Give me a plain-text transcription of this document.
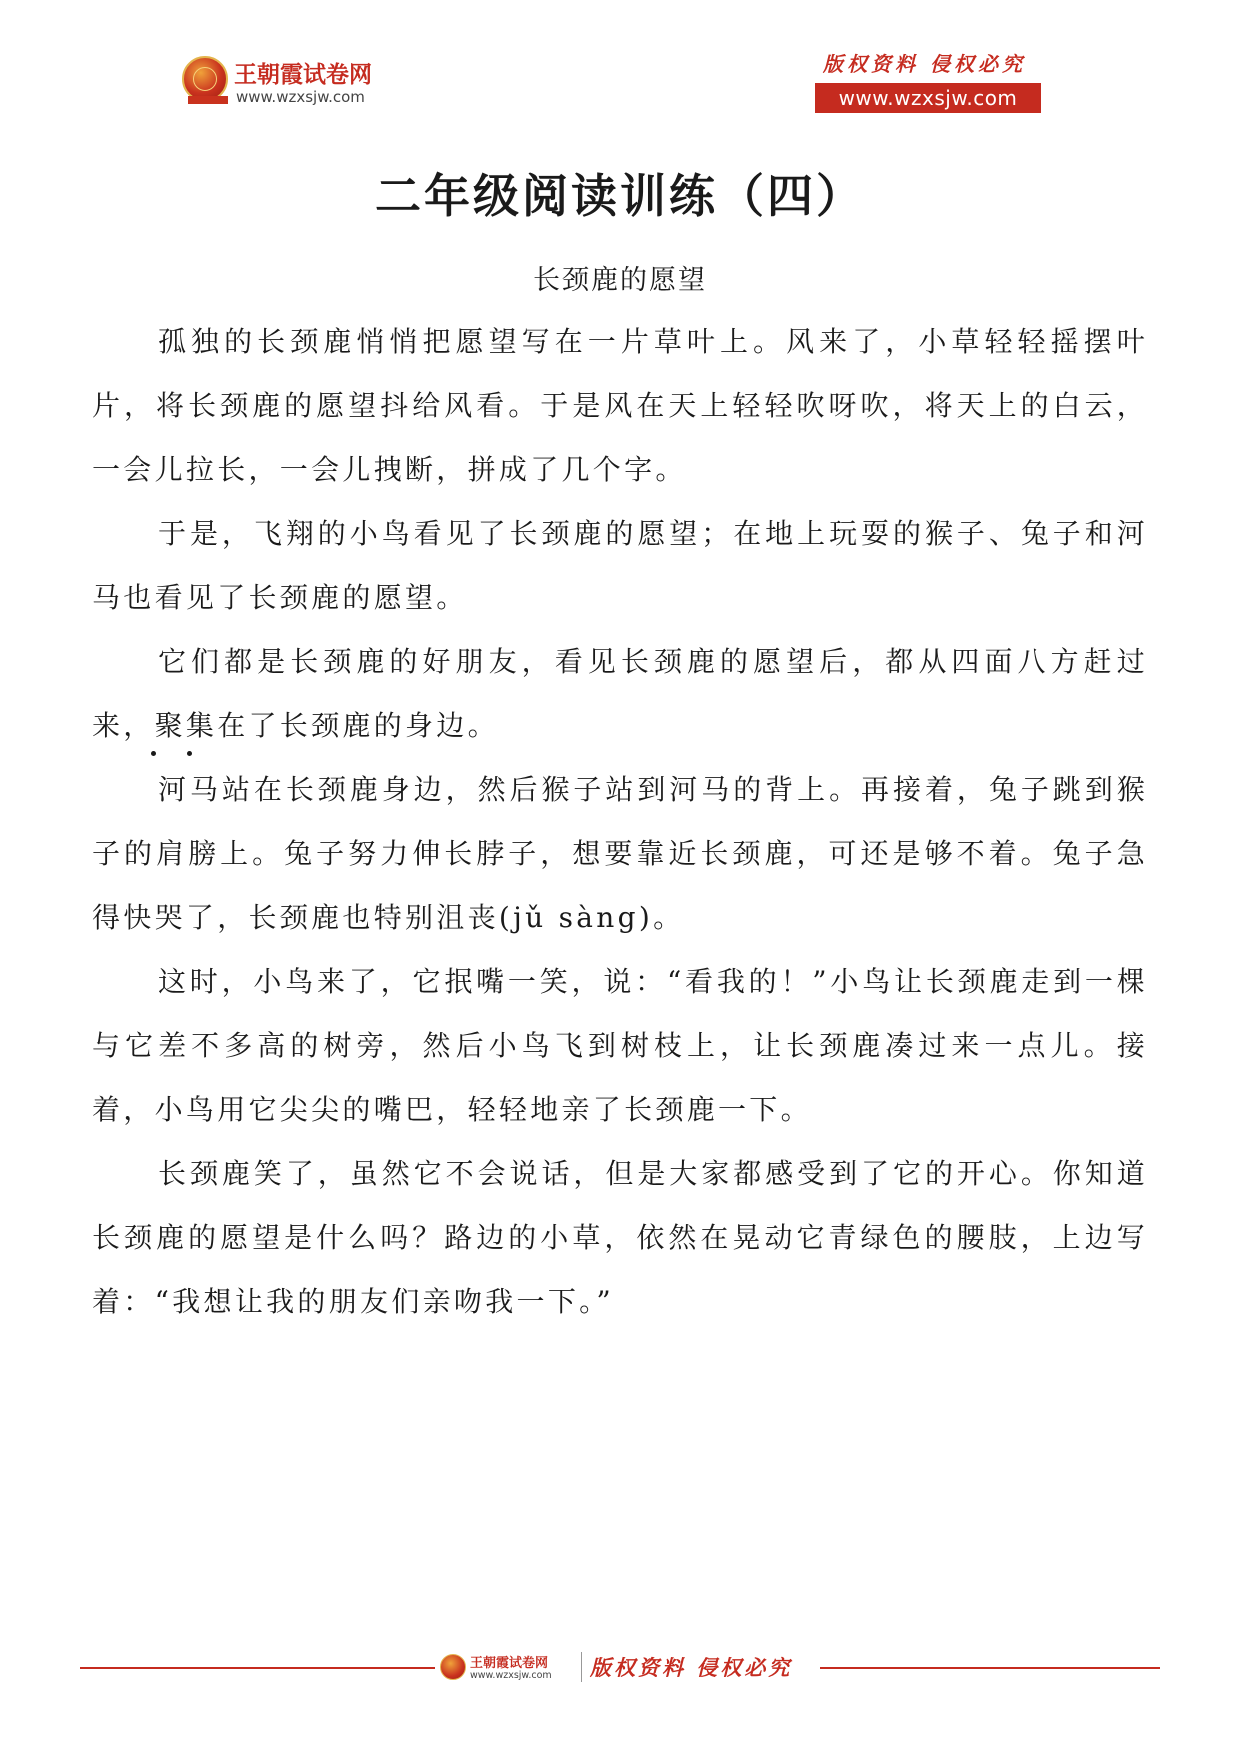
王朝霞试卷网
www.wzxsjw.com
版权资料 侵权必究
www.wzxsjw.com
二年级阅读训练（四）
长颈鹿的愿望

孤独的长颈鹿悄悄把愿望写在一片草叶上。风来了，小草轻轻摇摆叶片，将长颈鹿的愿望抖给风看。于是风在天上轻轻吹呀吹，将天上的白云，一会儿拉长，一会儿拽断，拼成了几个字。

于是，飞翔的小鸟看见了长颈鹿的愿望；在地上玩耍的猴子、兔子和河马也看见了长颈鹿的愿望。

它们都是长颈鹿的好朋友，看见长颈鹿的愿望后，都从四面八方赶过来，聚集在了长颈鹿的身边。

河马站在长颈鹿身边，然后猴子站到河马的背上。再接着，兔子跳到猴子的肩膀上。兔子努力伸长脖子，想要靠近长颈鹿，可还是够不着。兔子急得快哭了，长颈鹿也特别沮丧(jǔ sàng)。

这时，小鸟来了，它抿嘴一笑，说：“看我的！”小鸟让长颈鹿走到一棵与它差不多高的树旁，然后小鸟飞到树枝上，让长颈鹿凑过来一点儿。接着，小鸟用它尖尖的嘴巴，轻轻地亲了长颈鹿一下。

长颈鹿笑了，虽然它不会说话，但是大家都感受到了它的开心。你知道长颈鹿的愿望是什么吗？路边的小草，依然在晃动它青绿色的腰肢，上边写着：“我想让我的朋友们亲吻我一下。”

王朝霞试卷网
www.wzxsjw.com 版权资料 侵权必究
